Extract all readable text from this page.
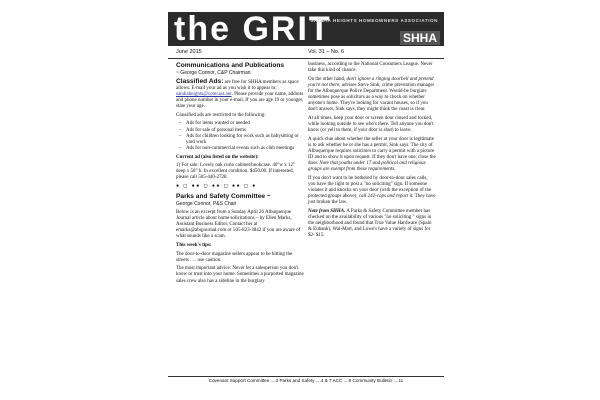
the GRIT
SANDIA HEIGHTS HOMEOWNERS ASSOCIATION
SHHA
June 2015	Vol. 31 – No. 6
Communications and Publications
~ George Connor, C&P Chairman

Classified Ads: are free for SHHA members as space allows. E-mail your ad as you wish it to appear to: sandiaheights@comcast.net. Please provide your name, address and phone number in your e-mail. If you are age 19 or younger, state your age.

Classified ads are restricted to the following:

– Ads for items wanted or needed
– Ads for sale of personal items
– Ads for children looking for work such as babysitting or yard work
– Ads for non-commercial events such as club meetings

Current ad (also listed on the website):

1) For sale: Lovely oak curio cabinet/bookcase. 40"w x 12" deep x 58" h. In excellent condition. $450.00. If interested, please call 505-440-2728.

● ◻ ●● ◻ ●● ◻ ●● ◻ ●
Parks and Safety Committee ~
George Connor, P&S Chair

Below is an excerpt from a Sunday April 26 Albuquerque Journal article about home solicitations – by Ellen Marks, Assistant Business Editor. Contact her at emarks@abqjournal.com or 505-823-3842 if you are aware of what sounds like a scam.

This week's tips:

The door-to-door magazine sellers appear to be hitting the streets . . . use caution.

The most important advice: Never let a salesperson you don't know or trust into your home. Sometimes a purported magazine sales crew also has a sideline in the burglary

business, according to the National Consumers League. Never take this kind of chance.

On the other hand, don't ignore a ringing doorbell and pretend you're not there, advises Steve Sink, crime prevention manager for the Albuquerque Police Department. Would-be burglars sometimes pose as solicitors as a way to check on whether anyone's home. They're looking for vacant houses, so if you don't answer, Sink says, they might think the coast is clear.

At all times, keep your door or screen door closed and locked, while looking outside to see who's there. Tell anyone you don't know (or yell to them, if your door is shut) to leave.

A quick clue about whether the seller at your door is legitimate is to ask whether he or she has a permit, Sink says. The city of Albuquerque requires solicitors to carry a permit with a picture ID and to show it upon request. If they don't have one, close the door. Note that youths under 17 and political and religious groups are exempt from these requirements.

If you don't want to be bothered by door-to-door sales calls, you have the right to post a "no soliciting" sign. If someone violates it and knocks on your door (with the exception of the protected groups above), call 242-cops and report it. They have just broken the law.

Note from SHHA. A Parks & Safety Committee member has checked on the availability of various "no soliciting " signs in the neighborhood and found that True Value Hardware (Spain & Eubank), Wal-Mart, and Lowe's have a variety of signs for $2- $15.

Covenant Support Committee ....3 Parks and Safety ....4 & 7 ACC ....8 Community Bulletin ....11
